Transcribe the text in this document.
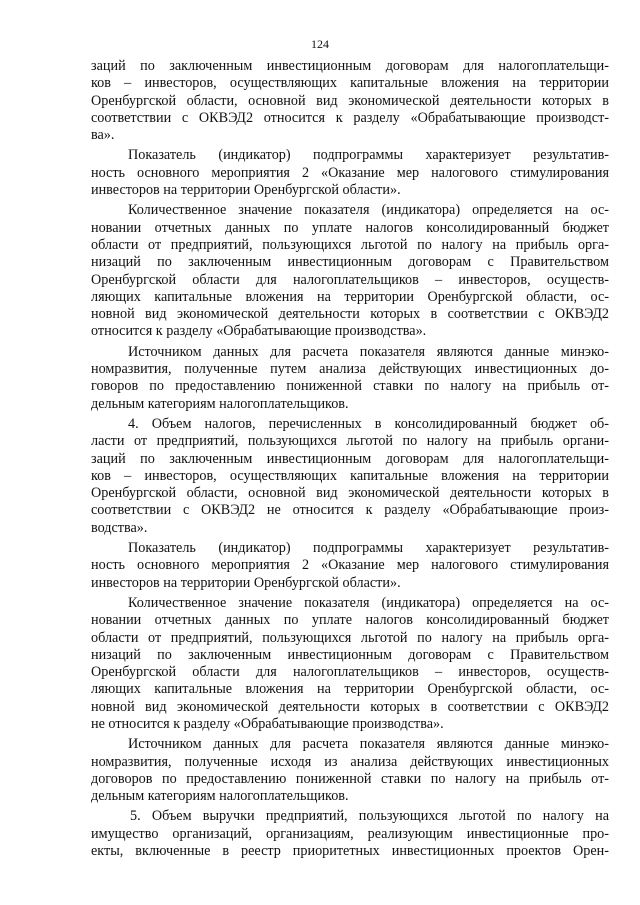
124
заций по заключенным инвестиционным договорам для налогоплательщи-
ков – инвесторов, осуществляющих капитальные вложения на территории
Оренбургской области, основной вид экономической деятельности которых в
соответствии с ОКВЭД2 относится к разделу «Обрабатывающие производст-
ва».
Показатель (индикатор) подпрограммы характеризует результатив-
ность основного мероприятия 2 «Оказание мер налогового стимулирования
инвесторов на территории Оренбургской области».
Количественное значение показателя (индикатора) определяется на ос-
новании отчетных данных по уплате налогов консолидированный бюджет
области от предприятий, пользующихся льготой по налогу на прибыль орга-
низаций по заключенным инвестиционным договорам с Правительством
Оренбургской области для налогоплательщиков – инвесторов, осуществ-
ляющих капитальные вложения на территории Оренбургской области, ос-
новной вид экономической деятельности которых в соответствии с ОКВЭД2
относится к разделу «Обрабатывающие производства».
Источником данных для расчета показателя являются данные минэко-
номразвития, полученные путем анализа действующих инвестиционных до-
говоров по предоставлению пониженной ставки по налогу на прибыль от-
дельным категориям налогоплательщиков.
4. Объем налогов, перечисленных в консолидированный бюджет об-
ласти от предприятий, пользующихся льготой по налогу на прибыль органи-
заций по заключенным инвестиционным договорам для налогоплательщи-
ков – инвесторов, осуществляющих капитальные вложения на территории
Оренбургской области, основной вид экономической деятельности которых в
соответствии с ОКВЭД2 не относится к разделу «Обрабатывающие произ-
водства».
Показатель (индикатор) подпрограммы характеризует результатив-
ность основного мероприятия 2 «Оказание мер налогового стимулирования
инвесторов на территории Оренбургской области».
Количественное значение показателя (индикатора) определяется на ос-
новании отчетных данных по уплате налогов консолидированный бюджет
области от предприятий, пользующихся льготой по налогу на прибыль орга-
низаций по заключенным инвестиционным договорам с Правительством
Оренбургской области для налогоплательщиков – инвесторов, осуществ-
ляющих капитальные вложения на территории Оренбургской области, ос-
новной вид экономической деятельности которых в соответствии с ОКВЭД2
не относится к разделу «Обрабатывающие производства».
Источником данных для расчета показателя являются данные минэко-
номразвития, полученные исходя из анализа действующих инвестиционных
договоров по предоставлению пониженной ставки по налогу на прибыль от-
дельным категориям налогоплательщиков.
5. Объем выручки предприятий, пользующихся льготой по налогу на
имущество организаций, организациям, реализующим инвестиционные про-
екты, включенные в реестр приоритетных инвестиционных проектов Орен-
